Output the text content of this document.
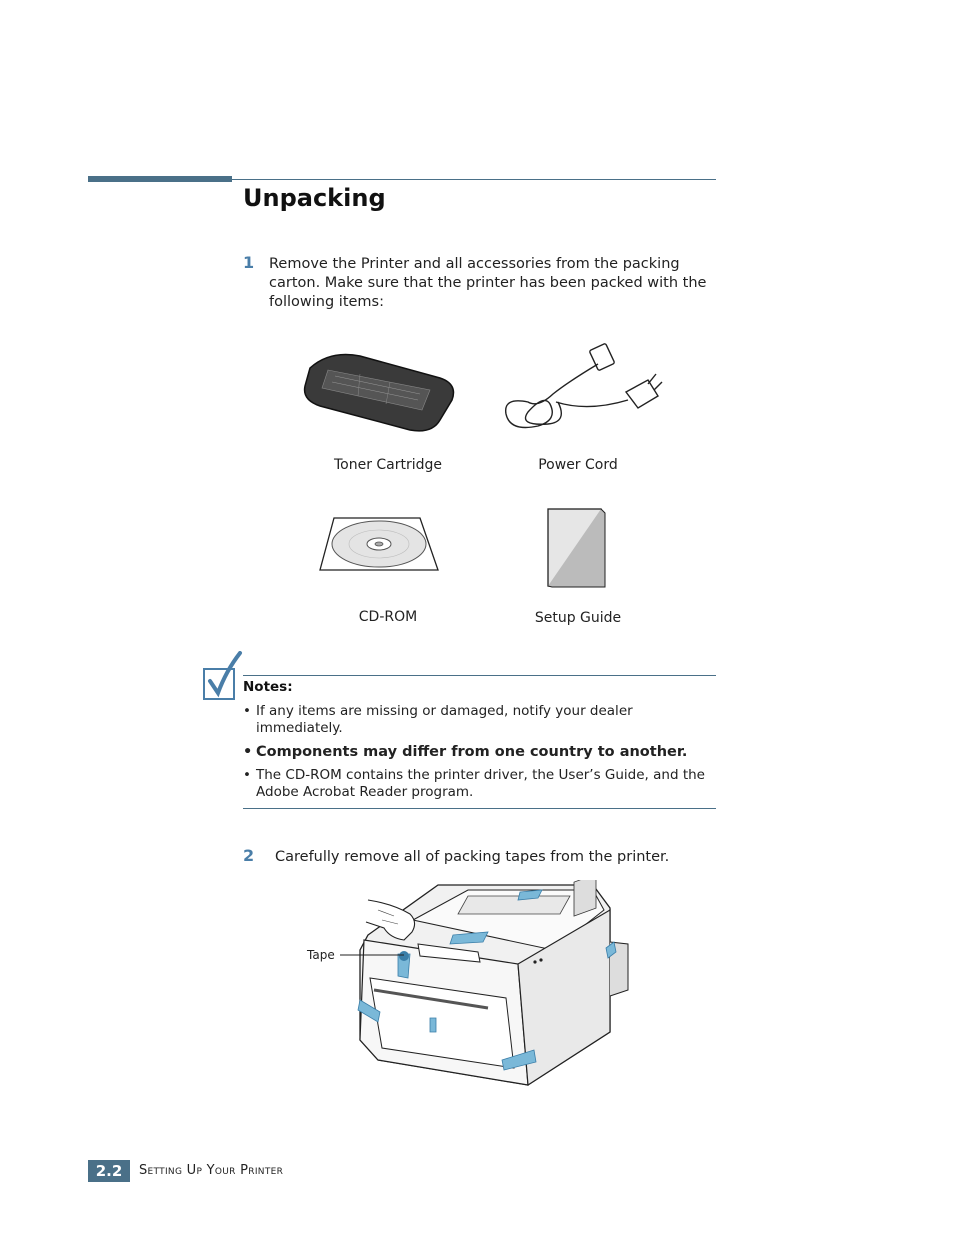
Unpacking
1 Remove the Printer and all accessories from the packing carton. Make sure that the printer has been packed with the following items:
Toner Cartridge	Power Cord
CD-ROM	Setup Guide
Notes:
• If any items are missing or damaged, notify your dealer immediately.
• Components may differ from one country to another.
• The CD-ROM contains the printer driver, the User’s Guide, and the Adobe Acrobat Reader program.
2 Carefully remove all of packing tapes from the printer.
Tape
2.2	Setting Up Your Printer
